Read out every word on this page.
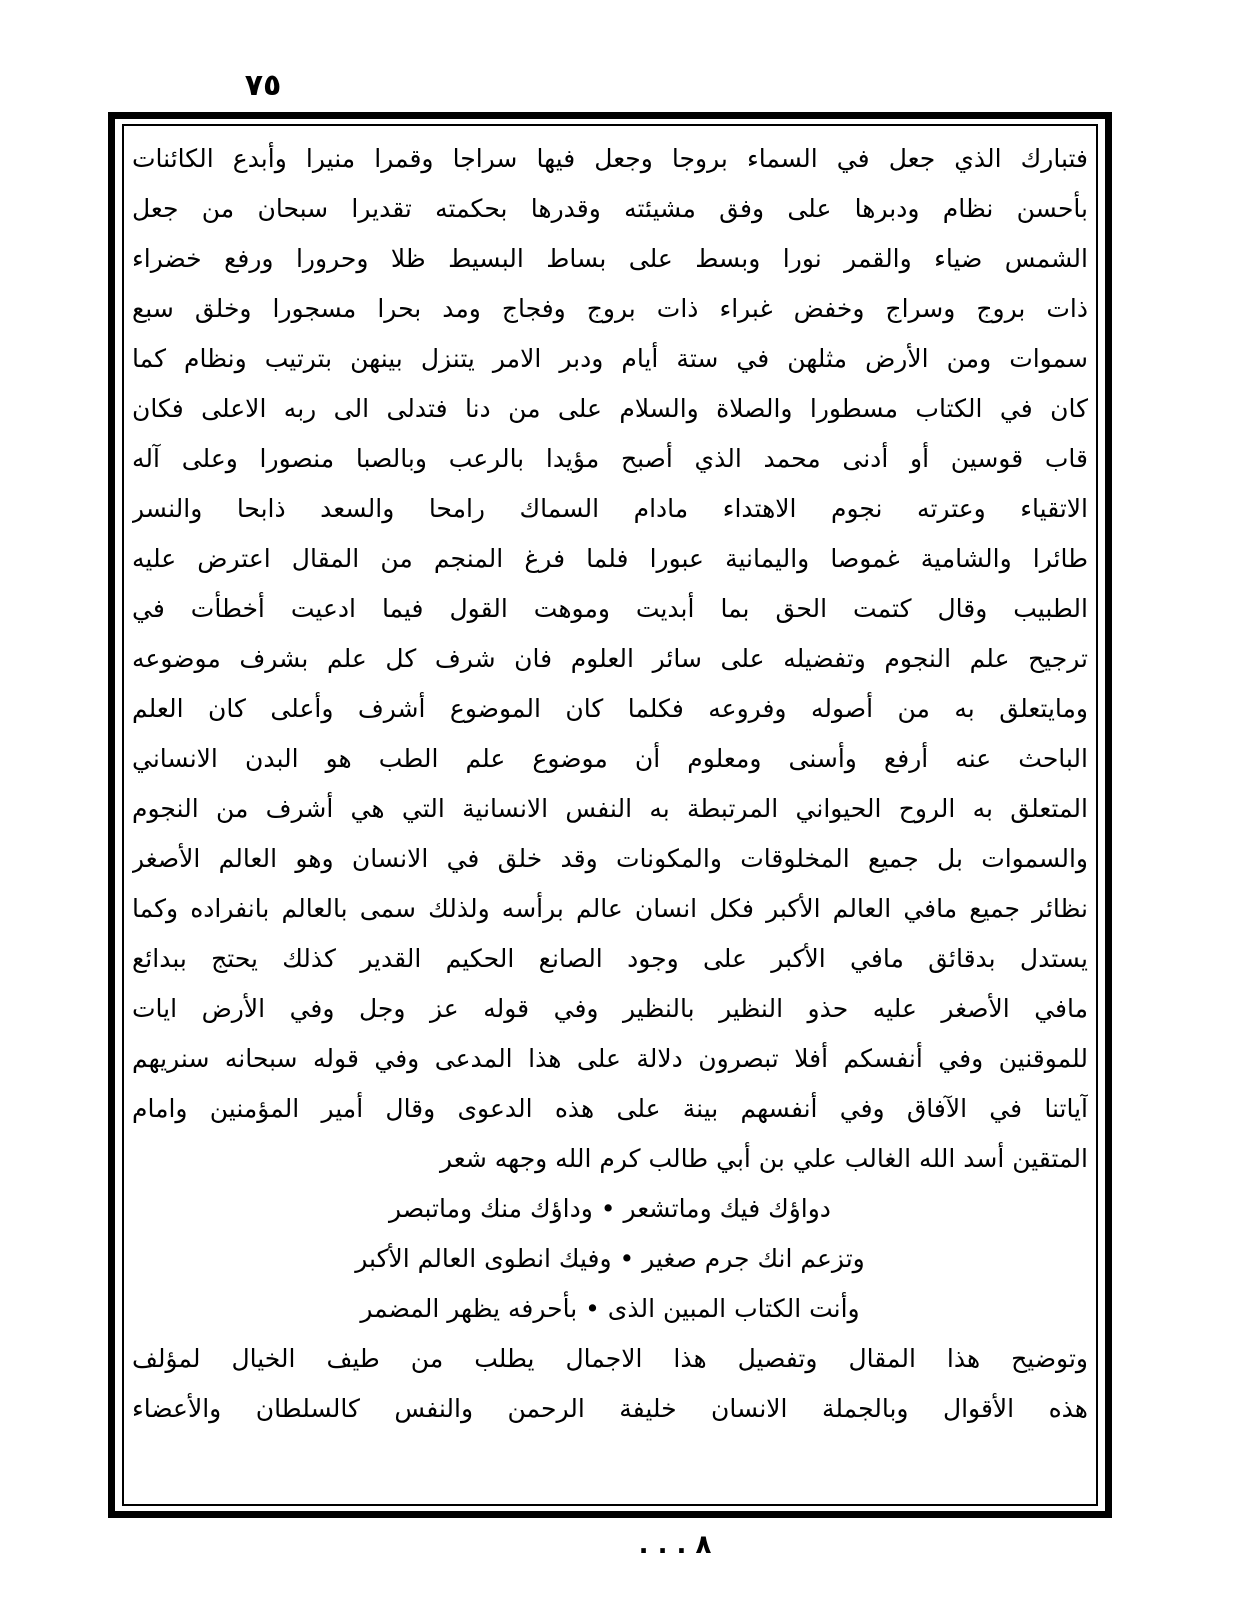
٧٥
فتبارك الذي جعل في السماء بروجا وجعل فيها سراجا وقمرا منيرا وأبدع الكائنات
بأحسن نظام ودبرها على وفق مشيئته وقدرها بحكمته تقديرا سبحان من جعل
الشمس ضياء والقمر نورا وبسط على بساط البسيط ظلا وحرورا ورفع خضراء
ذات بروج وسراج وخفض غبراء ذات بروج وفجاج ومد بحرا مسجورا وخلق سبع
سموات ومن الأرض مثلهن في ستة أيام ودبر الامر يتنزل بينهن بترتيب ونظام كما
كان في الكتاب مسطورا والصلاة والسلام على من دنا فتدلى الى ربه الاعلى فكان
قاب قوسين أو أدنى محمد الذي أصبح مؤيدا بالرعب وبالصبا منصورا وعلى آله
الاتقياء وعترته نجوم الاهتداء مادام السماك رامحا والسعد ذابحا والنسر
طائرا والشامية غموصا واليمانية عبورا فلما فرغ المنجم من المقال اعترض عليه
الطبيب وقال كتمت الحق بما أبديت وموهت القول فيما ادعيت أخطأت في
ترجيح علم النجوم وتفضيله على سائر العلوم فان شرف كل علم بشرف موضوعه
ومايتعلق به من أصوله وفروعه فكلما كان الموضوع أشرف وأعلى كان العلم
الباحث عنه أرفع وأسنى ومعلوم أن موضوع علم الطب هو البدن الانساني
المتعلق به الروح الحيواني المرتبطة به النفس الانسانية التي هي أشرف من النجوم
والسموات بل جميع المخلوقات والمكونات وقد خلق في الانسان وهو العالم الأصغر
نظائر جميع مافي العالم الأكبر فكل انسان عالم برأسه ولذلك سمى بالعالم بانفراده وكما
يستدل بدقائق مافي الأكبر على وجود الصانع الحكيم القدير كذلك يحتج ببدائع
مافي الأصغر عليه حذو النظير بالنظير وفي قوله عز وجل وفي الأرض ايات
للموقنين وفي أنفسكم أفلا تبصرون دلالة على هذا المدعى وفي قوله سبحانه سنريهم
آياتنا في الآفاق وفي أنفسهم بينة على هذه الدعوى وقال أمير المؤمنين وامام
المتقين أسد الله الغالب علي بن أبي طالب كرم الله وجهه شعر
دواؤك فيك وماتشعر • وداؤك منك وماتبصر
وتزعم انك جرم صغير • وفيك انطوى العالم الأكبر
وأنت الكتاب المبين الذى • بأحرفه يظهر المضمر
وتوضيح هذا المقال وتفصيل هذا الاجمال يطلب من طيف الخيال لمؤلف
هذه الأقوال وبالجملة الانسان خليفة الرحمن والنفس كالسلطان والأعضاء
٨ . . .
